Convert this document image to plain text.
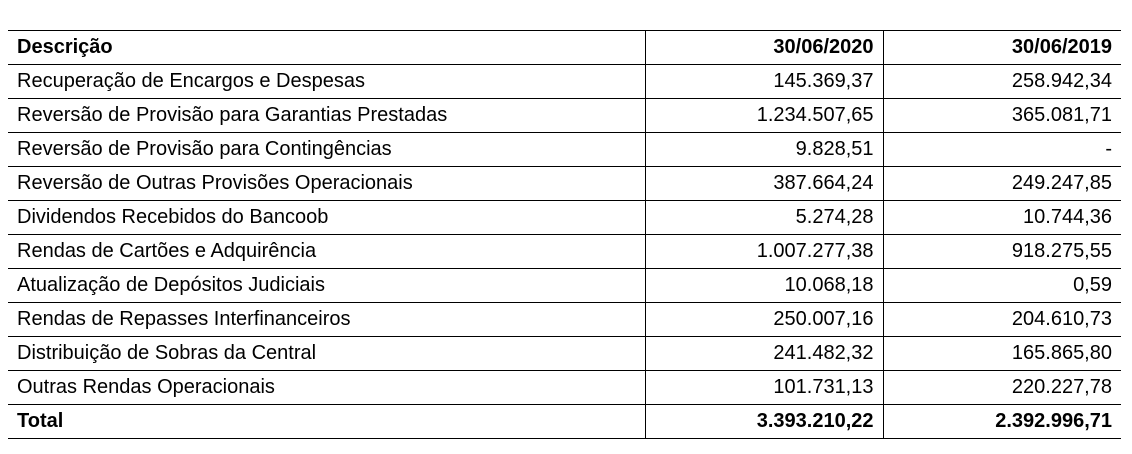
Descrição	30/06/2020	30/06/2019
Recuperação de Encargos e Despesas	145.369,37	258.942,34
Reversão de Provisão para Garantias Prestadas	1.234.507,65	365.081,71
Reversão de Provisão para Contingências	9.828,51	-
Reversão de Outras Provisões Operacionais	387.664,24	249.247,85
Dividendos Recebidos do Bancoob	5.274,28	10.744,36
Rendas de Cartões e Adquirência	1.007.277,38	918.275,55
Atualização de Depósitos Judiciais	10.068,18	0,59
Rendas de Repasses Interfinanceiros	250.007,16	204.610,73
Distribuição de Sobras da Central	241.482,32	165.865,80
Outras Rendas Operacionais	101.731,13	220.227,78
Total	3.393.210,22	2.392.996,71
